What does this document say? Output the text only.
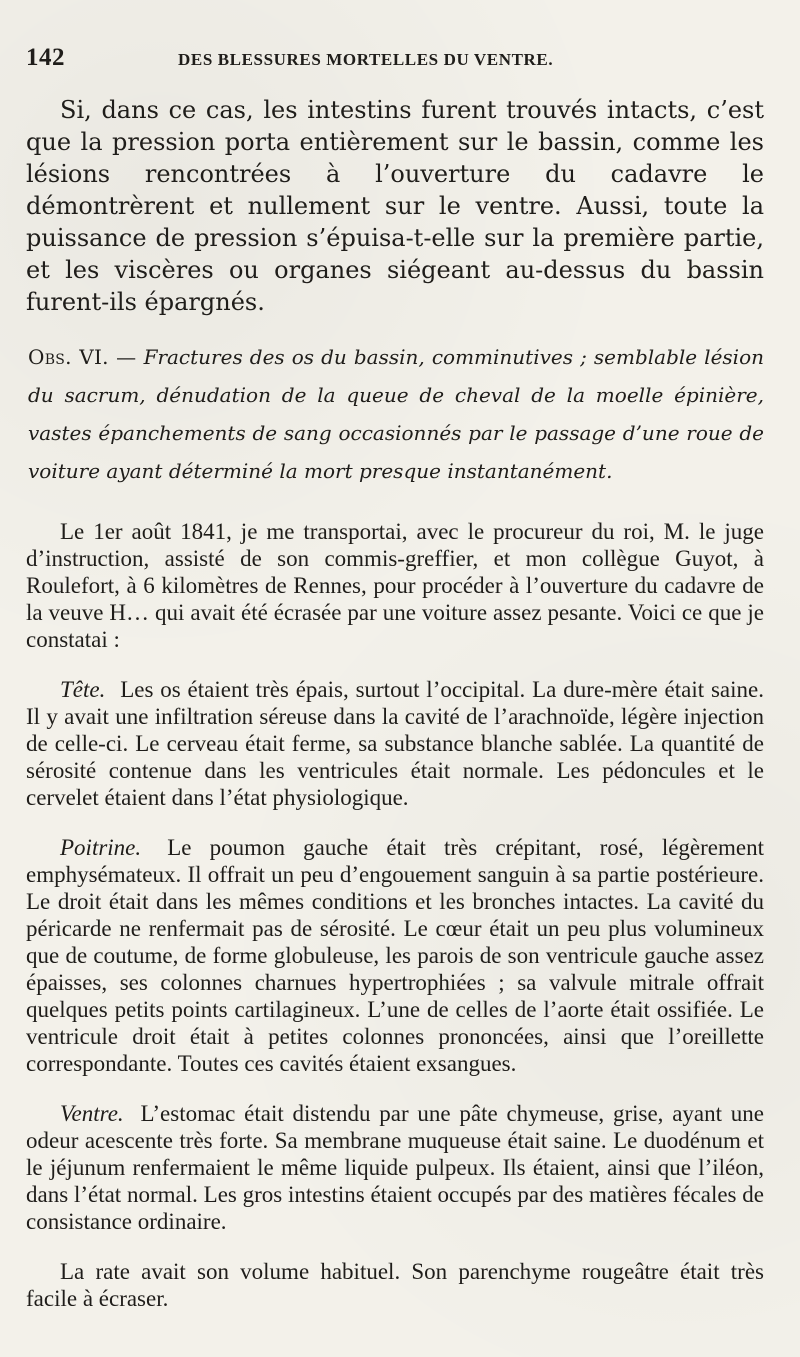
142	DES BLESSURES MORTELLES DU VENTRE.

Si, dans ce cas, les intestins furent trouvés intacts, c’est que la pression porta entièrement sur le bassin, comme les lésions rencontrées à l’ouverture du cadavre le démontrèrent et nullement sur le ventre. Aussi, toute la puissance de pression s’épuisa-t-elle sur la première partie, et les viscères ou organes siégeant au-dessus du bassin furent-ils épargnés.

Obs. VI. — Fractures des os du bassin, comminutives ; semblable lésion du sacrum, dénudation de la queue de cheval de la moelle épinière, vastes épanchements de sang occasionnés par le passage d’une roue de voiture ayant déterminé la mort presque instantanément.

Le 1er août 1841, je me transportai, avec le procureur du roi, M. le juge d’instruction, assisté de son commis-greffier, et mon collègue Guyot, à Roulefort, à 6 kilomètres de Rennes, pour procéder à l’ouverture du cadavre de la veuve H… qui avait été écrasée par une voiture assez pesante. Voici ce que je constatai :

Tête. Les os étaient très épais, surtout l’occipital. La dure-mère était saine. Il y avait une infiltration séreuse dans la cavité de l’arachnoïde, légère injection de celle-ci. Le cerveau était ferme, sa substance blanche sablée. La quantité de sérosité contenue dans les ventricules était normale. Les pédoncules et le cervelet étaient dans l’état physiologique.

Poitrine. Le poumon gauche était très crépitant, rosé, légèrement emphysémateux. Il offrait un peu d’engouement sanguin à sa partie postérieure. Le droit était dans les mêmes conditions et les bronches intactes. La cavité du péricarde ne renfermait pas de sérosité. Le cœur était un peu plus volumineux que de coutume, de forme globuleuse, les parois de son ventricule gauche assez épaisses, ses colonnes charnues hypertrophiées ; sa valvule mitrale offrait quelques petits points cartilagineux. L’une de celles de l’aorte était ossifiée. Le ventricule droit était à petites colonnes prononcées, ainsi que l’oreillette correspondante. Toutes ces cavités étaient exsangues.

Ventre. L’estomac était distendu par une pâte chymeuse, grise, ayant une odeur acescente très forte. Sa membrane muqueuse était saine. Le duodénum et le jéjunum renfermaient le même liquide pulpeux. Ils étaient, ainsi que l’iléon, dans l’état normal. Les gros intestins étaient occupés par des matières fécales de consistance ordinaire.

La rate avait son volume habituel. Son parenchyme rougeâtre était très facile à écraser.
